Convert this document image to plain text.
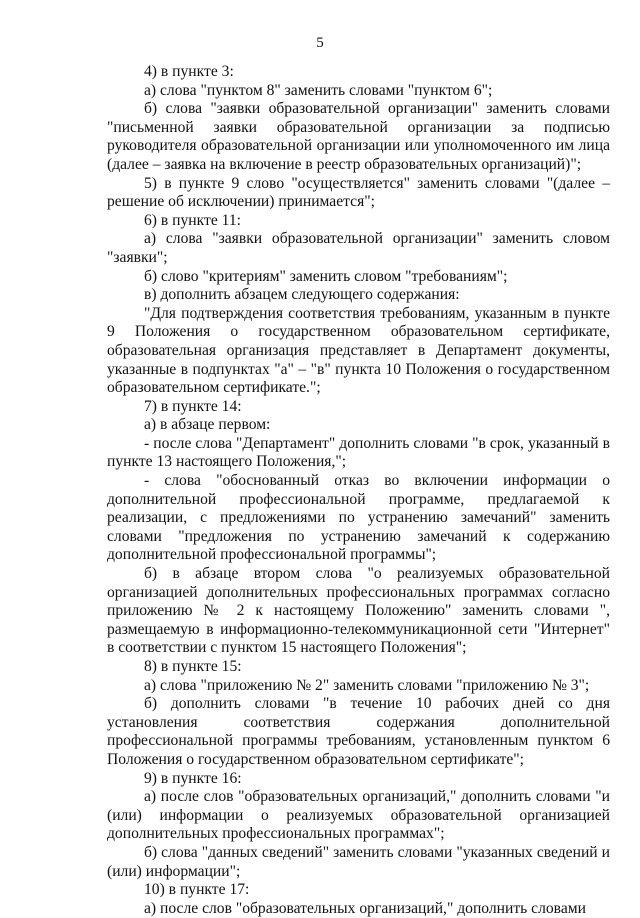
5

4) в пункте 3:

а) слова "пунктом 8" заменить словами "пунктом 6";

б) слова "заявки образовательной организации" заменить словами "письменной заявки образовательной организации за подписью руководителя образовательной организации или уполномоченного им лица (далее – заявка на включение в реестр образовательных организаций)";

5) в пункте 9 слово "осуществляется" заменить словами "(далее – решение об исключении) принимается";

6) в пункте 11:

а) слова "заявки образовательной организации" заменить словом "заявки";

б) слово "критериям" заменить словом "требованиям";

в) дополнить абзацем следующего содержания:

"Для подтверждения соответствия требованиям, указанным в пункте 9 Положения о государственном образовательном сертификате, образовательная организация представляет в Департамент документы, указанные в подпунктах "а" – "в" пункта 10 Положения о государственном образовательном сертификате.";

7) в пункте 14:

а) в абзаце первом:

- после слова "Департамент" дополнить словами "в срок, указанный в пункте 13 настоящего Положения,";

- слова "обоснованный отказ во включении информации о дополнительной профессиональной программе, предлагаемой к реализации, с предложениями по устранению замечаний" заменить словами "предложения по устранению замечаний к содержанию дополнительной профессиональной программы";

б) в абзаце втором слова "о реализуемых образовательной организацией дополнительных профессиональных программах согласно приложению № 2 к настоящему Положению" заменить словами ", размещаемую в информационно-телекоммуникационной сети "Интернет" в соответствии с пунктом 15 настоящего Положения";

8) в пункте 15:

а) слова "приложению № 2" заменить словами "приложению № 3";

б) дополнить словами "в течение 10 рабочих дней со дня установления соответствия содержания дополнительной профессиональной программы требованиям, установленным пунктом 6 Положения о государственном образовательном сертификате";

9) в пункте 16:

а) после слов "образовательных организаций," дополнить словами "и (или) информации о реализуемых образовательной организацией дополнительных профессиональных программах";

б) слова "данных сведений" заменить словами "указанных сведений и (или) информации";

10) в пункте 17:

а) после слов "образовательных организаций," дополнить словами
